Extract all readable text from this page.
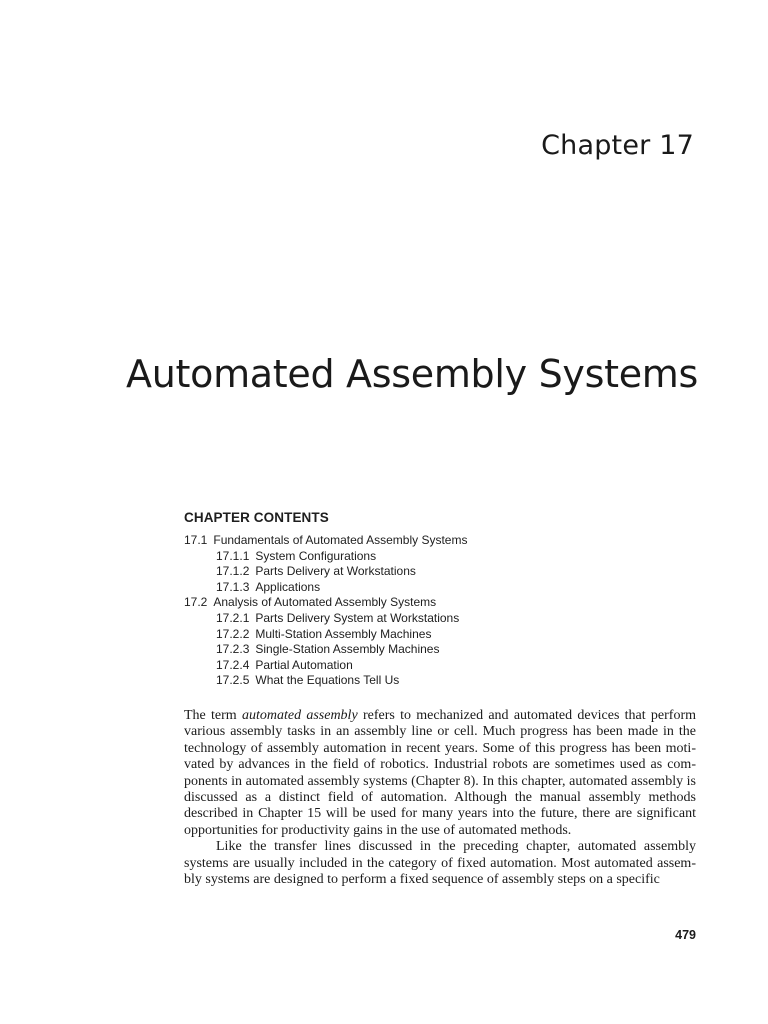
Chapter 17
Automated Assembly Systems
CHAPTER CONTENTS
17.1 Fundamentals of Automated Assembly Systems
17.1.1 System Configurations
17.1.2 Parts Delivery at Workstations
17.1.3 Applications
17.2 Analysis of Automated Assembly Systems
17.2.1 Parts Delivery System at Workstations
17.2.2 Multi-Station Assembly Machines
17.2.3 Single-Station Assembly Machines
17.2.4 Partial Automation
17.2.5 What the Equations Tell Us

The term automated assembly refers to mechanized and automated devices that perform various assembly tasks in an assembly line or cell. Much progress has been made in the technology of assembly automation in recent years. Some of this progress has been motivated by advances in the field of robotics. Industrial robots are sometimes used as components in automated assembly systems (Chapter 8). In this chapter, automated assembly is discussed as a distinct field of automation. Although the manual assembly methods described in Chapter 15 will be used for many years into the future, there are significant opportunities for productivity gains in the use of automated methods.

Like the transfer lines discussed in the preceding chapter, automated assembly systems are usually included in the category of fixed automation. Most automated assembly systems are designed to perform a fixed sequence of assembly steps on a specific

479
